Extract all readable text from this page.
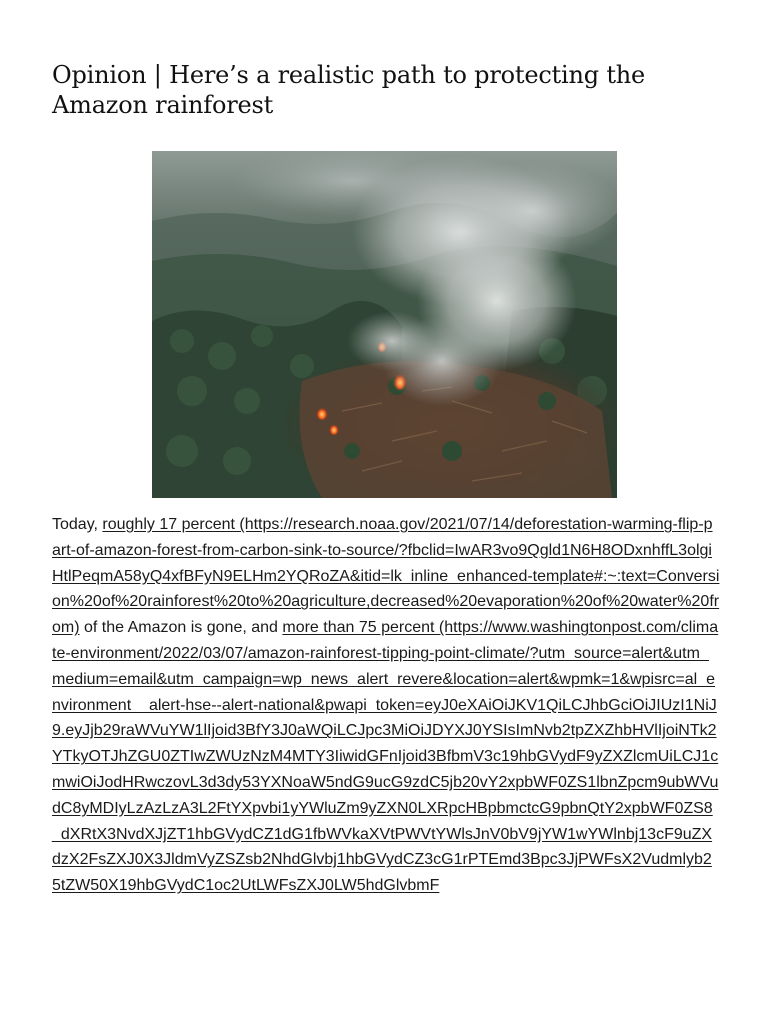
Opinion | Here’s a realistic path to protecting the Amazon rainforest

Today, roughly 17 percent (https://research.noaa.gov/2021/07/14/deforestation-warming-flip-part-of-amazon-forest-from-carbon-sink-to-source/?fbclid=IwAR3vo9Qgld1N6H8ODxnhffL3olgiHtlPeqmA58yQ4xfBFyN9ELHm2YQRoZA&itid=lk_inline_enhanced-template#:~:text=Conversion%20of%20rainforest%20to%20agriculture,decreased%20evaporation%20of%20water%20from) of the Amazon is gone, and more than 75 percent (https://www.washingtonpost.com/climate-environment/2022/03/07/amazon-rainforest-tipping-point-climate/?utm_source=alert&utm_medium=email&utm_campaign=wp_news_alert_revere&location=alert&wpmk=1&wpisrc=al_environment__alert-hse--alert-national&pwapi_token=eyJ0eXAiOiJKV1QiLCJhbGciOiJIUzI1NiJ9.eyJjb29raWVuYW1lIjoid3BfY3J0aWQiLCJpc3MiOiJDYXJ0YSIsImNvb2tpZXZhbHVlIjoiNTk2YTkyOTJhZGU0ZTIwZWUzNzM4MTY3IiwidGFnIjoid3BfbmV3c19hbGVydF9yZXZlcmUiLCJ1cmwiOiJodHRwczovL3d3dy53YXNoaW5ndG9ucG9zdC5jb20vY2xpbWF0ZS1lbnZpcm9ubWVudC8yMDIyLzAzLzA3L2FtYXpvbi1yYWluZm9yZXN0LXRpcHBpbmctcG9pbnQtY2xpbWF0ZS8_dXRtX3NvdXJjZT1hbGVydCZ1dG1fbWVkaXVtPWVtYWlsJnV0bV9jYW1wYWlnbj13cF9uZXdzX2FsZXJ0X3JldmVyZSZsb2NhdGlvbj1hbGVydCZ3cG1rPTEmd3Bpc3JjPWFsX2Vudmlyb25tZW50X19hbGVydC1oc2UtLWFsZXJ0LW5hdGlvbmF
